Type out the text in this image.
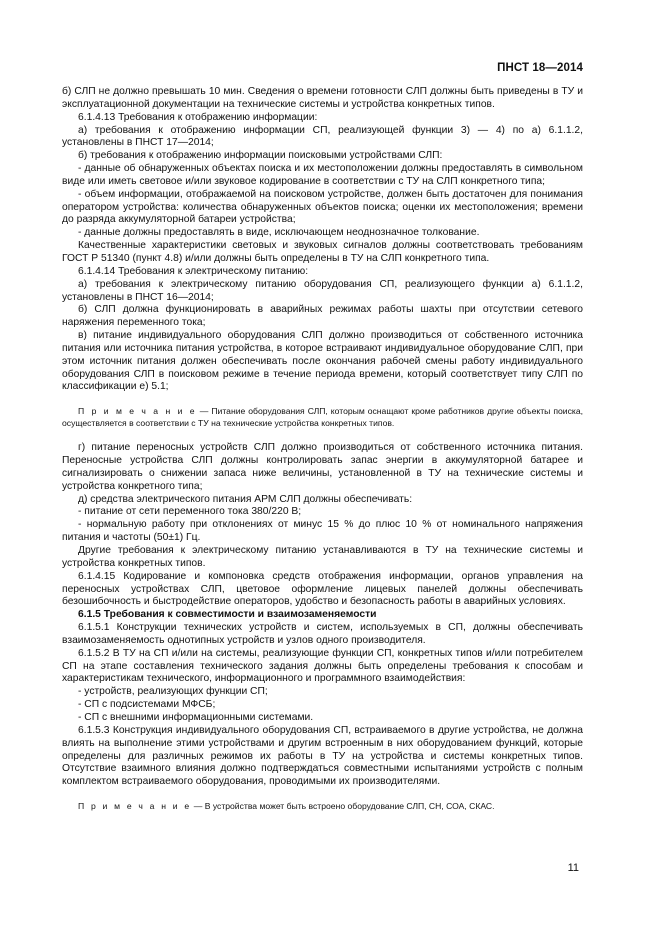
ПНСТ 18—2014

б) СЛП не должно превышать 10 мин. Сведения о времени готовности СЛП должны быть приведены в ТУ и эксплуатационной документации на технические системы и устройства конкретных типов.

6.1.4.13 Требования к отображению информации:

а) требования к отображению информации СП, реализующей функции 3) — 4) по а) 6.1.1.2, установлены в ПНСТ 17—2014;

б) требования к отображению информации поисковыми устройствами СЛП:

- данные об обнаруженных объектах поиска и их местоположении должны предоставлять в символьном виде или иметь световое и/или звуковое кодирование в соответствии с ТУ на СЛП конкретного типа;

- объем информации, отображаемой на поисковом устройстве, должен быть достаточен для понимания оператором устройства: количества обнаруженных объектов поиска; оценки их местоположения; времени до разряда аккумуляторной батареи устройства;

- данные должны предоставлять в виде, исключающем неоднозначное толкование.

Качественные характеристики световых и звуковых сигналов должны соответствовать требованиям ГОСТ Р 51340 (пункт 4.8) и/или должны быть определены в ТУ на СЛП конкретного типа.

6.1.4.14 Требования к электрическому питанию:

а) требования к электрическому питанию оборудования СП, реализующего функции а) 6.1.1.2, установлены в ПНСТ 16—2014;

б) СЛП должна функционировать в аварийных режимах работы шахты при отсутствии сетевого наряжения переменного тока;

в) питание индивидуального оборудования СЛП должно производиться от собственного источника питания или источника питания устройства, в которое встраивают индивидуальное оборудование СЛП, при этом источник питания должен обеспечивать после окончания рабочей смены работу индивидуального оборудования СЛП в поисковом режиме в течение периода времени, который соответствует типу СЛП по классификации е) 5.1;

П р и м е ч а н и е — Питание оборудования СЛП, которым оснащают кроме работников другие объекты поиска, осуществляется в соответствии с ТУ на технические устройства конкретных типов.

г) питание переносных устройств СЛП должно производиться от собственного источника питания. Переносные устройства СЛП должны контролировать запас энергии в аккумуляторной батарее и сигнализировать о снижении запаса ниже величины, установленной в ТУ на технические системы и устройства конкретного типа;

д) средства электрического питания АРМ СЛП должны обеспечивать:

- питание от сети переменного тока 380/220 В;

- нормальную работу при отклонениях от минус 15 % до плюс 10 % от номинального напряжения питания и частоты (50±1) Гц.

Другие требования к электрическому питанию устанавливаются в ТУ на технические системы и устройства конкретных типов.

6.1.4.15 Кодирование и компоновка средств отображения информации, органов управления на переносных устройствах СЛП, цветовое оформление лицевых панелей должны обеспечивать безошибочность и быстродействие операторов, удобство и безопасность работы в аварийных условиях.

6.1.5 Требования к совместимости и взаимозаменяемости

6.1.5.1 Конструкции технических устройств и систем, используемых в СП, должны обеспечивать взаимозаменяемость однотипных устройств и узлов одного производителя.

6.1.5.2 В ТУ на СП и/или на системы, реализующие функции СП, конкретных типов и/или потребителем СП на этапе составления технического задания должны быть определены требования к способам и характеристикам технического, информационного и программного взаимодействия:

- устройств, реализующих функции СП;

- СП с подсистемами МФСБ;

- СП с внешними информационными системами.

6.1.5.3 Конструкция индивидуального оборудования СП, встраиваемого в другие устройства, не должна влиять на выполнение этими устройствами и другим встроенным в них оборудованием функций, которые определены для различных режимов их работы в ТУ на устройства и системы конкретных типов. Отсутствие взаимного влияния должно подтверждаться совместными испытаниями устройств с полным комплектом встраиваемого оборудования, проводимыми их производителями.

П р и м е ч а н и е — В устройства может быть встроено оборудование СЛП, СН, СОА, СКАС.

11
